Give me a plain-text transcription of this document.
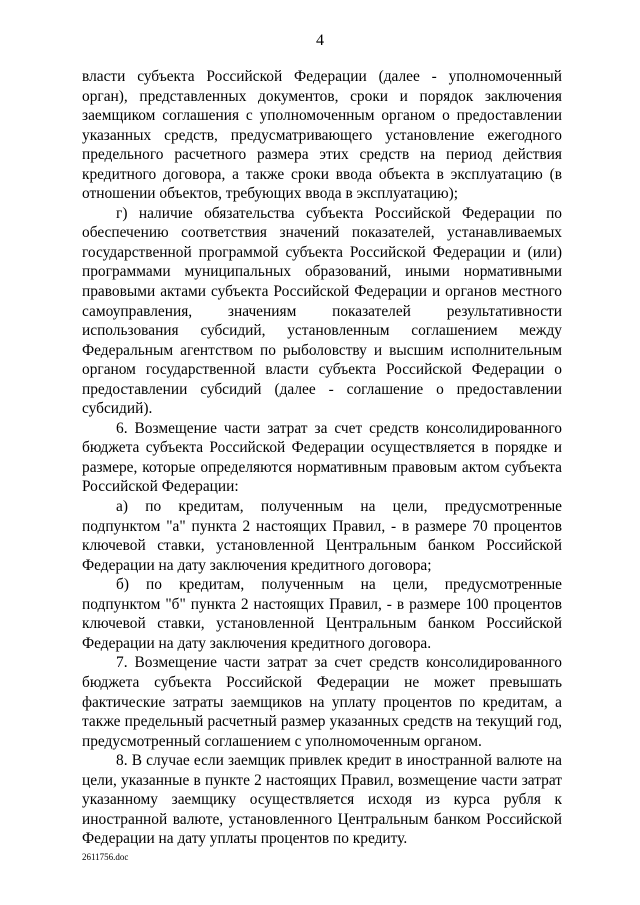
4

власти субъекта Российской Федерации (далее - уполномоченный орган), представленных документов, сроки и порядок заключения заемщиком соглашения с уполномоченным органом о предоставлении указанных средств, предусматривающего установление ежегодного предельного расчетного размера этих средств на период действия кредитного договора, а также сроки ввода объекта в эксплуатацию (в отношении объектов, требующих ввода в эксплуатацию);

г) наличие обязательства субъекта Российской Федерации по обеспечению соответствия значений показателей, устанавливаемых государственной программой субъекта Российской Федерации и (или) программами муниципальных образований, иными нормативными правовыми актами субъекта Российской Федерации и органов местного самоуправления, значениям показателей результативности использования субсидий, установленным соглашением между Федеральным агентством по рыболовству и высшим исполнительным органом государственной власти субъекта Российской Федерации о предоставлении субсидий (далее - соглашение о предоставлении субсидий).

6. Возмещение части затрат за счет средств консолидированного бюджета субъекта Российской Федерации осуществляется в порядке и размере, которые определяются нормативным правовым актом субъекта Российской Федерации:

а) по кредитам, полученным на цели, предусмотренные подпунктом "а" пункта 2 настоящих Правил, - в размере 70 процентов ключевой ставки, установленной Центральным банком Российской Федерации на дату заключения кредитного договора;

б) по кредитам, полученным на цели, предусмотренные подпунктом "б" пункта 2 настоящих Правил, - в размере 100 процентов ключевой ставки, установленной Центральным банком Российской Федерации на дату заключения кредитного договора.

7. Возмещение части затрат за счет средств консолидированного бюджета субъекта Российской Федерации не может превышать фактические затраты заемщиков на уплату процентов по кредитам, а также предельный расчетный размер указанных средств на текущий год, предусмотренный соглашением с уполномоченным органом.

8. В случае если заемщик привлек кредит в иностранной валюте на цели, указанные в пункте 2 настоящих Правил, возмещение части затрат указанному заемщику осуществляется исходя из курса рубля к иностранной валюте, установленного Центральным банком Российской Федерации на дату уплаты процентов по кредиту.

2611756.doc
